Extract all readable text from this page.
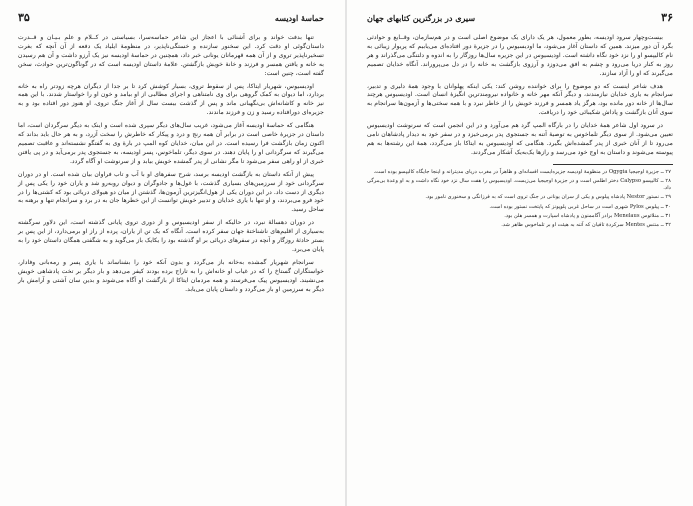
۳۵	حماسهٔ اودیسه

تنها بدفت خواند و برای آشنائی با اعجاز این شاعر حماسه‌سرا، بسیاستی در کــلام و علم بـیـان و قــدرت داستان‌گوئی او دقت کرد. این سخنور سازنده و خستگی‌ناپذیر، در منظومهٔ ایلیاد یک دفعه از آن آنچه که بغرت تسخیرناپذیر تروی و از آن همه قهرمانان یونانی خبر داد، همچنین در حماسهٔ اودیسه نیز یک آرزو داشت و آن هم رسیدن به خانه و یافتن همسر و فرزند و خانهٔ خویش بازگشتن. علامهٔ داستان اودیسه است که در گوناگون‌ترین حوادث، سخن گفته است، چنین است:

اودیسیوس، شهریار ایتاکا، پس از سقوط تروی، بسیار کوشش کرد تا بر جدا از دیگران هرچه زودتر راه به خانه بردارد، اما دیوان به کمک گروهی برای وی نامتناهی و اجرای مطالبی از او بیامد و خون او را خواستار شدند. با این همه نیز خانه و کاشانه‌اش بی‌نگهبانی ماند و پس از گذشت بیست سال از آغاز جنگ تروی، او هنوز دور افتاده بود و به جزیره‌ای دورافتاده رسید و زن و فرزند ماندند.

هنگامی که حماسهٔ اودیسه آغاز می‌شود، غریب سال‌های دیگر سپری شده است و اینک به دیگر سرگردان است، اما داستان در جزیرهٔ خاصی است در برابر آن همه رنج و درد و پیکار که خاطرش را سخت آزرد، و به هر حال باید بداند که اکنون زمان بازگشت فرا رسیده است. در این میان، خدایان کوه المپ در بارهٔ وی به گفتگو نشسته‌اند و عاقبت تصمیم می‌گیرند که سرگردانی او را پایان دهند. در سوی دیگر، تلماخوس، پسر اودیسه، به جستجوی پدر برمی‌آید و در پی یافتن خبری از او راهی سفر می‌شود تا مگر نشانی از پدر گمشده خویش بیابد و از سرنوشت او آگاه گردد.

پیش از آنکه داستان به بازگشت اودیسه برسد، شرح سفرهای او با آب و تاب فراوان بیان شده است. او در دوران سرگردانی خود از سرزمین‌های بسیاری گذشت، با غول‌ها و جادوگران و دیوان روبه‌رو شد و یاران خود را یکی پس از دیگری از دست داد. در این دوران یکی از هول‌انگیزترین آزمون‌ها، گذشتن از میان دو هیولای دریائی بود که کشتی‌ها را در خود فرو می‌بردند، و او تنها با یاری خدایان و تدبیر خویش توانست از این خطرها جان به در برد و سرانجام تنها و برهنه به ساحل رسید.

در دوران دهسالهٔ نبرد، در حالیکه از سفر اودیسیوس و از دوری تروی پایانی گذشته است، این دلاور سرگشته به‌سیاری از اقلیم‌های ناشناختهٔ جهان سفر کرده است. آنگاه که یک تن از یاران، پرده از راز او برمی‌دارد، از این پس بر بستر حادثهٔ روزگار و آنچه در سفرهای دریائی بر او گذشته بود را یکایک باز می‌گوید و به شگفتی همگان داستان خود را به پایان می‌برد.

سرانجام شهریار گمشده به‌خانه باز می‌گردد و بدون آنکه خود را بشناساند با یاری پسر و رمه‌بانی وفادار، خواستگاران گستاخ را که در غیاب او خانه‌اش را به تاراج برده بودند کیفر می‌دهد و بار دیگر بر تخت پادشاهی خویش می‌نشیند. اودیسیوس پیک می‌فرستد و همه مردمان ایتاکا از بازگشت او آگاه می‌شوند و بدین سان آشتی و آرامش بار دیگر به سرزمین او باز می‌گردد و داستان پایان می‌یابد.

۳۶
سیری در بزرگترین کتابهای جهان

بیست‌وچهار سرود اودیسه، بطور معمول، هر یک دارای یک موضوع اصلی است و در هم‌سازمان، وقــایع و حوادثی بگرد آن دور میزند. همین که داستان آغاز می‌شود، ما اودیسیوس را در جزیرهٔ دور افتاده‌ای می‌یابیم که پریوار زیبائی به نام کالیپسو او را نزد خود نگاه داشته است. اودیسیوس در این جزیره سال‌ها روزگار را به اندوه و دلتنگی می‌گذراند و هر روز به کنار دریا می‌رود و چشم به افق می‌دوزد و آرزوی بازگشت به خانه را در دل می‌پروراند. آنگاه خدایان تصمیم می‌گیرند که او را آزاد سازند.

هدف شاعر اینست که دو موضوع را برای خواننده روشن کند: یکی اینکه پهلوانان با وجود همهٔ دلیری و تدبیر، سرانجام به یاری خدایان نیازمندند، و دیگر آنکه مهر خانه و خانواده نیرومندترین انگیزهٔ انسان است. اودیسیوس هرچند سال‌ها از خانه دور مانده بود، هرگز یاد همسر و فرزند خویش را از خاطر نبرد و با همه سختی‌ها و آزمون‌ها سرانجام به سوی آنان بازگشت و پاداش شکیبائی خود را دریافت.

در سرود اول شاعر همهٔ خدایان را در بارگاه المپ گرد هم می‌آورد و در این انجمن است که سرنوشت اودیسیوس تعیین می‌شود. از سوی دیگر تلماخوس به توصیهٔ آتنه به جستجوی پدر برمی‌خیزد و در سفر خود به دیدار پادشاهان نامی می‌رود تا از آنان خبری از پدر گمشده‌اش بگیرد. هنگامی که اودیسیوس به ایتاکا باز می‌گردد، همهٔ این رشته‌ها به هم پیوسته می‌شوند و داستان به اوج خود می‌رسد و رازها یک‌به‌یک آشکار می‌گردند.

۲۷ ــ جزیرهٔ اوجیجیا Ogygia در منظومهٔ اودیسه جزیره‌ایست افسانه‌ای و ظاهراً در مغرب دریای مدیترانه و اینجا جایگاه کالیپسو بوده است.

۲۸ ــ کالیپسو Calypso دختر اطلس است و در جزیرهٔ اوجیجیا می‌زیست. اودیسیوس را هفت سال نزد خود نگاه داشت و به او وعدهٔ بی‌مرگی داد.

۲۹ ــ نستور Nestor پادشاه پیلوس و یکی از سران یونانی در جنگ تروی است که به فرزانگی و سخنوری نامور بود.

۳۰ ــ پیلوس Pylos شهری است در ساحل غربی پلوپونز که پایتخت نستور بوده است.

۳۱ ــ منلائوس Menelaus برادر آگاممنون و پادشاه اسپارت و همسر هلن بود.

۳۲ ــ منتس Mentes سرکردهٔ تافیان که آتنه به هیئت او بر تلماخوس ظاهر شد.
